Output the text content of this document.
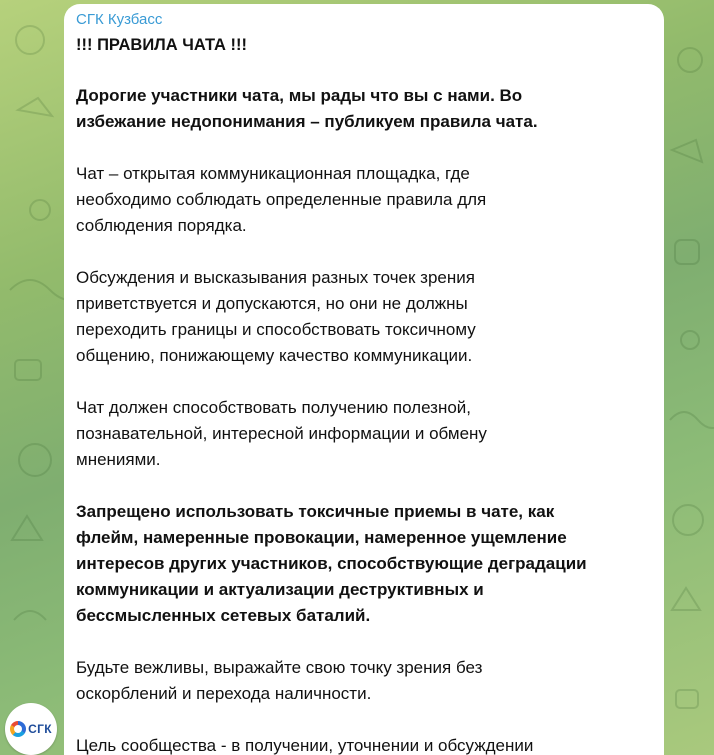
СГК Кузбасс
!!! ПРАВИЛА ЧАТА !!!
Дорогие участники чата, мы рады что вы с нами. Во
избежание недопонимания – публикуем правила чата.
Чат – открытая коммуникационная площадка, где
необходимо соблюдать определенные правила для
соблюдения порядка.
Обсуждения и высказывания разных точек зрения
приветствуется и допускаются, но они не должны
переходить границы и способствовать токсичному
общению, понижающему качество коммуникации.
Чат должен способствовать получению полезной,
познавательной, интересной информации и обмену
мнениями.
Запрещено использовать токсичные приемы в чате, как
флейм, намеренные провокации, намеренное ущемление
интересов других участников, способствующие деградации
коммуникации и актуализации деструктивных и
бессмысленных сетевых баталий.
Будьте вежливы, выражайте свою точку зрения без
оскорблений и перехода наличности.
Цель сообщества - в получении, уточнении и обсуждении
СГК
